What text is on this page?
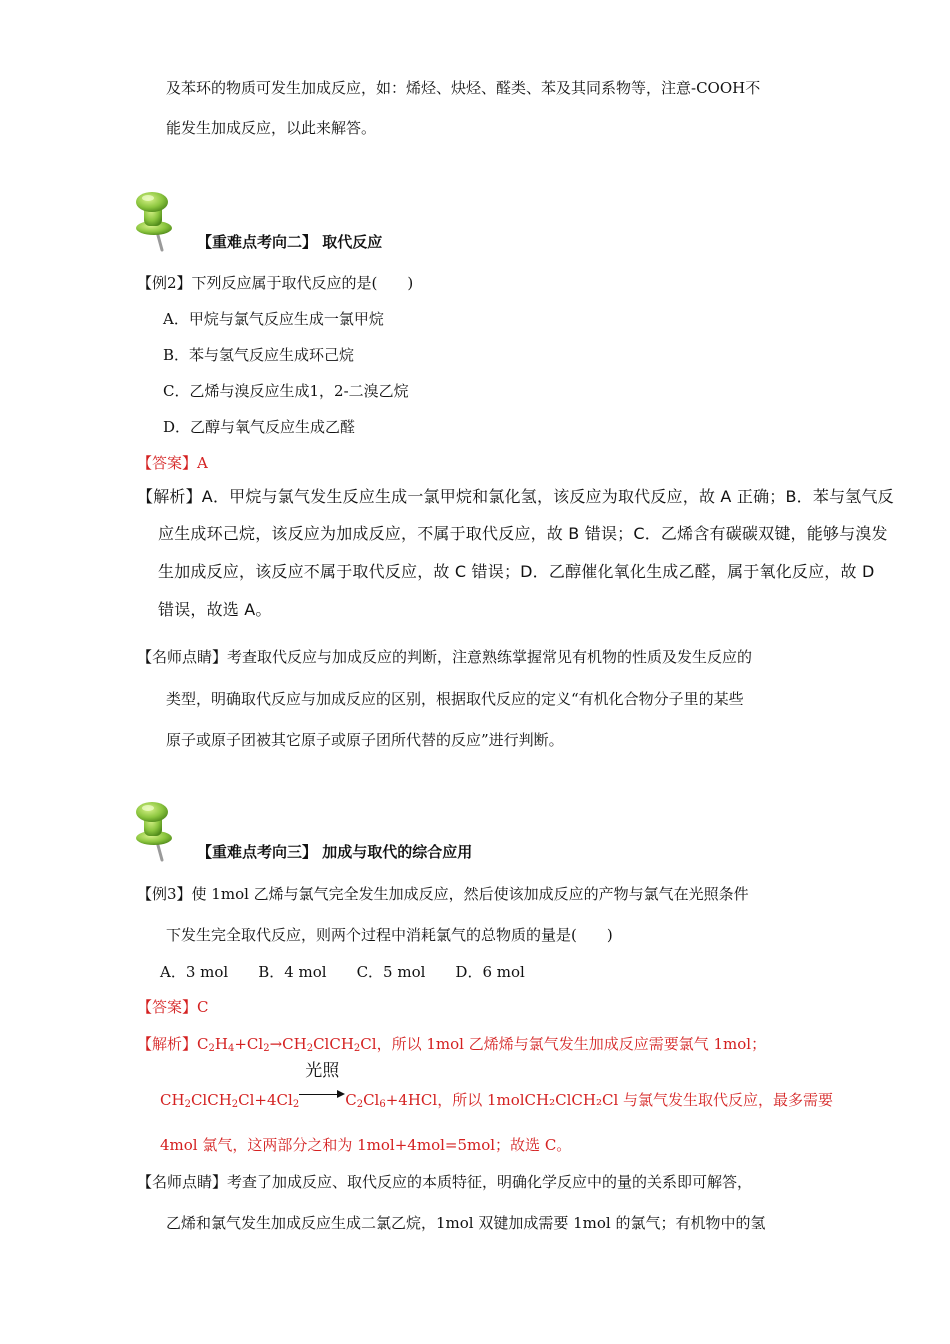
及苯环的物质可发生加成反应，如：烯烃、炔烃、醛类、苯及其同系物等，注意-COOH不
能发生加成反应，以此来解答。
【重难点考向二】 取代反应
【例2】下列反应属于取代反应的是(　　)
A．甲烷与氯气反应生成一氯甲烷
B．苯与氢气反应生成环己烷
C．乙烯与溴反应生成1，2-二溴乙烷
D．乙醇与氧气反应生成乙醛
【答案】A
【解析】A．甲烷与氯气发生反应生成一氯甲烷和氯化氢，该反应为取代反应，故 A 正确；B．苯与氢气反
应生成环己烷，该反应为加成反应，不属于取代反应，故 B 错误；C．乙烯含有碳碳双键，能够与溴发
生加成反应，该反应不属于取代反应，故 C 错误；D．乙醇催化氧化生成乙醛，属于氧化反应，故 D
错误，故选 A。
【名师点睛】考查取代反应与加成反应的判断，注意熟练掌握常见有机物的性质及发生反应的
类型，明确取代反应与加成反应的区别，根据取代反应的定义“有机化合物分子里的某些
原子或原子团被其它原子或原子团所代替的反应”进行判断。
【重难点考向三】 加成与取代的综合应用
【例3】使 1mol 乙烯与氯气完全发生加成反应，然后使该加成反应的产物与氯气在光照条件
下发生完全取代反应，则两个过程中消耗氯气的总物质的量是(　　)
A．3 mol　　B．4 mol　　C．5 mol　　D．6 mol
【答案】C
【解析】$C_2H_4+Cl_2\to CH_2ClCH_2Cl$，所以 1mol 乙烯烯与氯气发生加成反应需要氯气 1mol；
$CH_2ClCH_2Cl+4Cl_2$
光照
$C_2Cl_6+4HCl$，所以 1molCH₂ClCH₂Cl 与氯气发生取代反应，最多需要
4mol 氯气，这两部分之和为 1mol+4mol=5mol；故选 C。
【名师点睛】考查了加成反应、取代反应的本质特征，明确化学反应中的量的关系即可解答，
乙烯和氯气发生加成反应生成二氯乙烷，1mol 双键加成需要 1mol 的氯气；有机物中的氢
